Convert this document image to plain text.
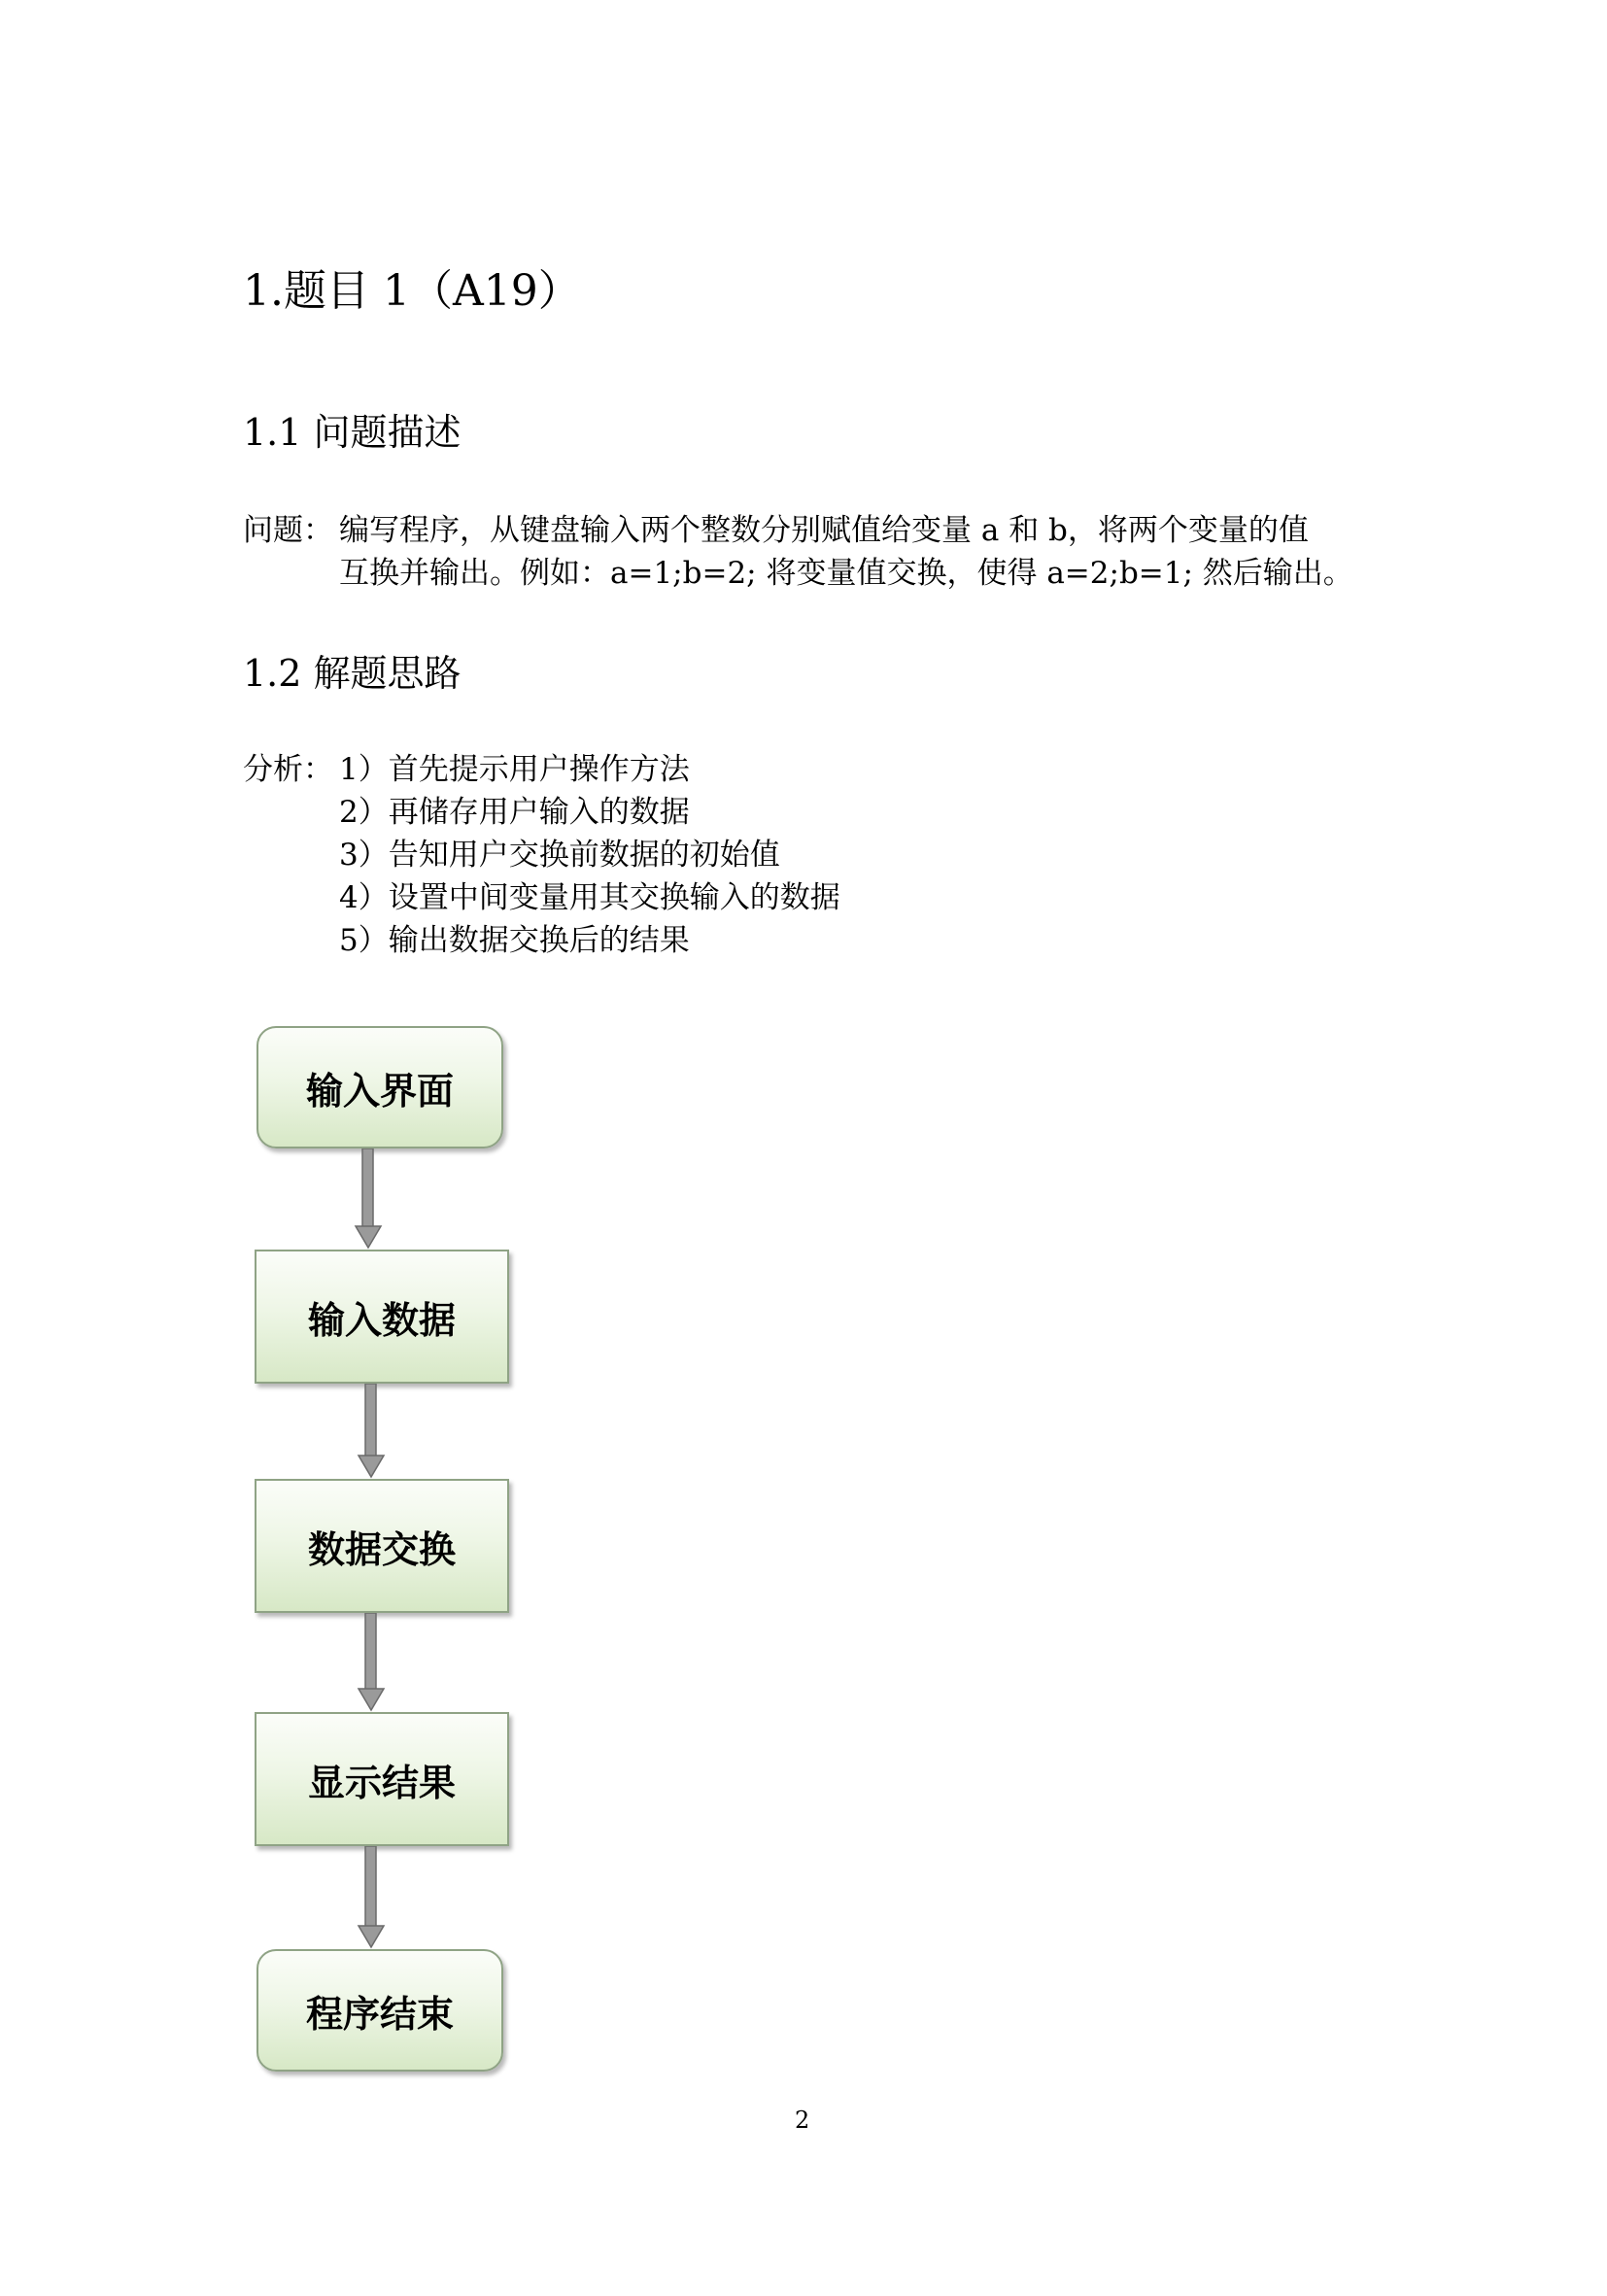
1.题目 1（A19）
1.1 问题描述

问题： 编写程序，从键盘输入两个整数分别赋值给变量 a 和 b，将两个变量的值

互换并输出。例如：a=1;b=2; 将变量值交换，使得 a=2;b=1; 然后输出。

1.2 解题思路

分析： 1）首先提示用户操作方法

2）再储存用户输入的数据

3）告知用户交换前数据的初始值

4）设置中间变量用其交换输入的数据

5）输出数据交换后的结果

输入界面
输入数据
数据交换
显示结果
程序结束

2
